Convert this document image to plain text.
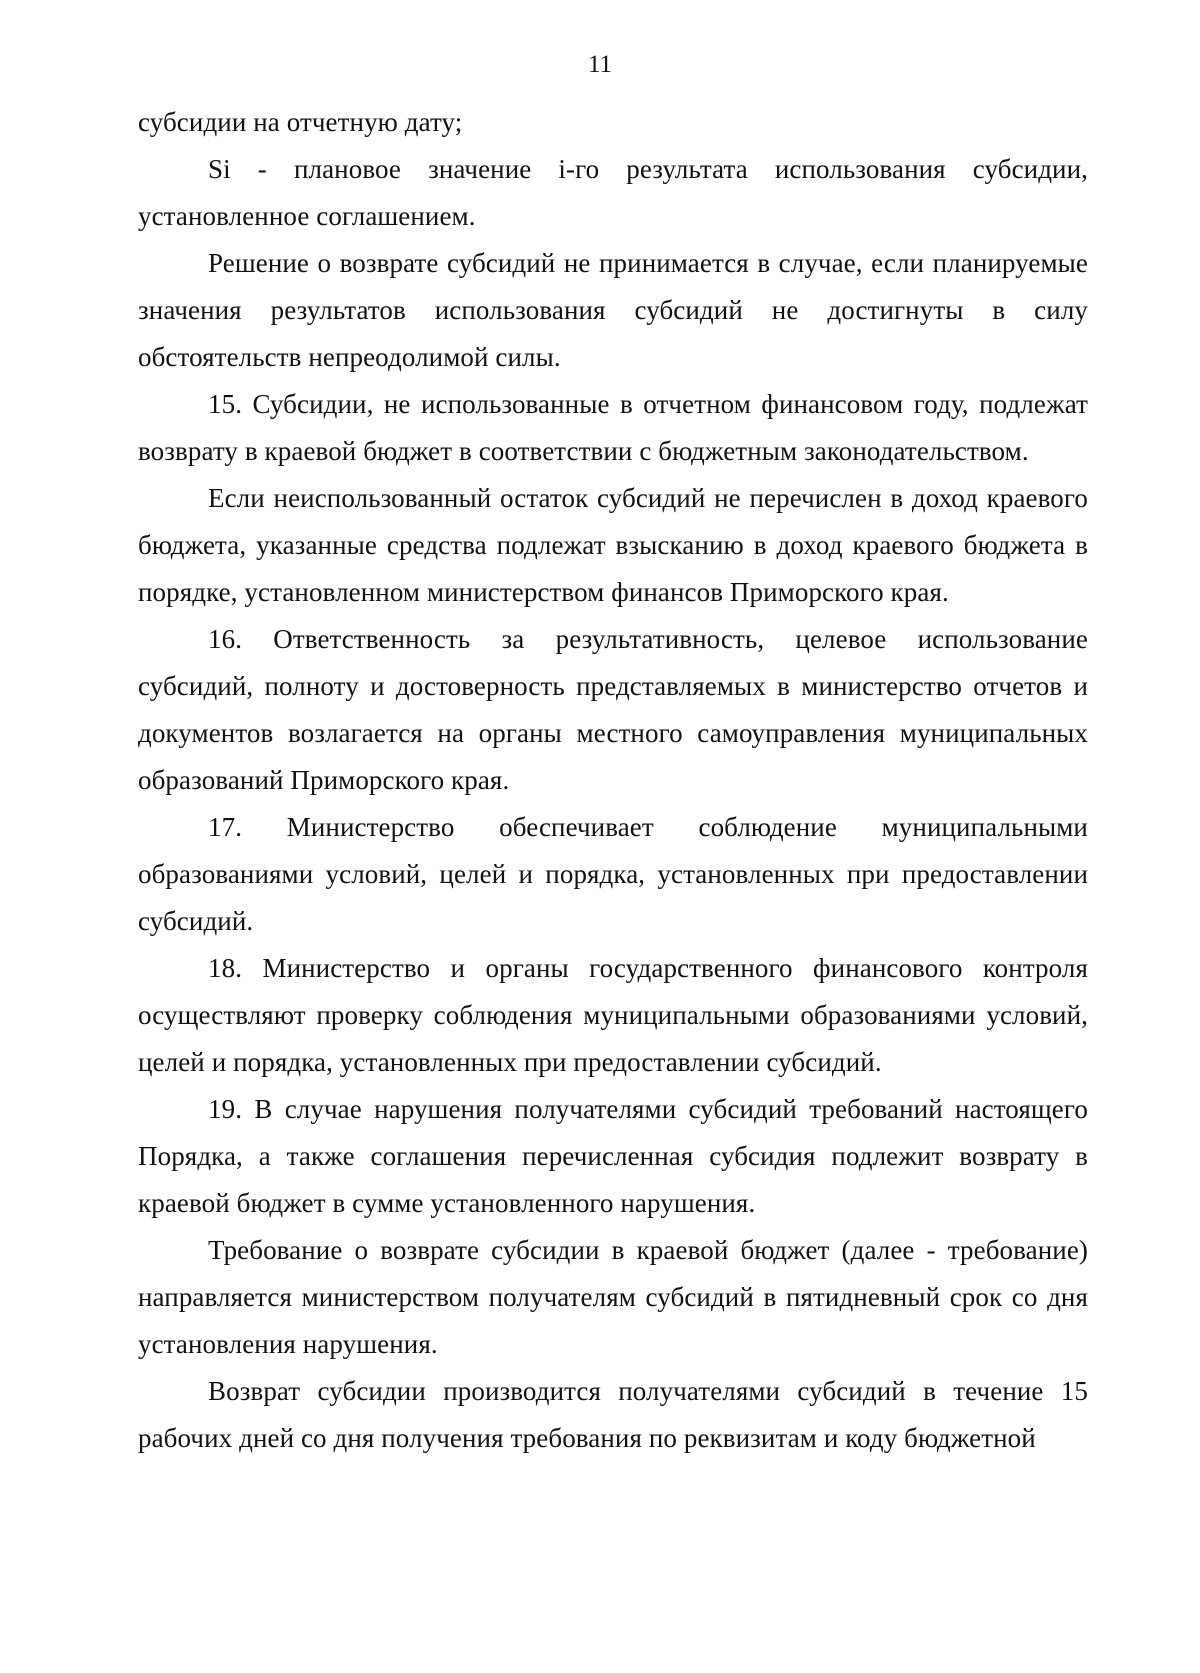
11

субсидии на отчетную дату;

Si - плановое значение i-го результата использования субсидии, установленное соглашением.

Решение о возврате субсидий не принимается в случае, если планируемые значения результатов использования субсидий не достигнуты в силу обстоятельств непреодолимой силы.

15. Субсидии, не использованные в отчетном финансовом году, подлежат возврату в краевой бюджет в соответствии с бюджетным законодательством.

Если неиспользованный остаток субсидий не перечислен в доход краевого бюджета, указанные средства подлежат взысканию в доход краевого бюджета в порядке, установленном министерством финансов Приморского края.

16. Ответственность за результативность, целевое использование субсидий, полноту и достоверность представляемых в министерство отчетов и документов возлагается на органы местного самоуправления муниципальных образований Приморского края.

17. Министерство обеспечивает соблюдение муниципальными образованиями условий, целей и порядка, установленных при предоставлении субсидий.

18. Министерство и органы государственного финансового контроля осуществляют проверку соблюдения муниципальными образованиями условий, целей и порядка, установленных при предоставлении субсидий.

19. В случае нарушения получателями субсидий требований настоящего Порядка, а также соглашения перечисленная субсидия подлежит возврату в краевой бюджет в сумме установленного нарушения.

Требование о возврате субсидии в краевой бюджет (далее - требование) направляется министерством получателям субсидий в пятидневный срок со дня установления нарушения.

Возврат субсидии производится получателями субсидий в течение 15 рабочих дней со дня получения требования по реквизитам и коду бюджетной
